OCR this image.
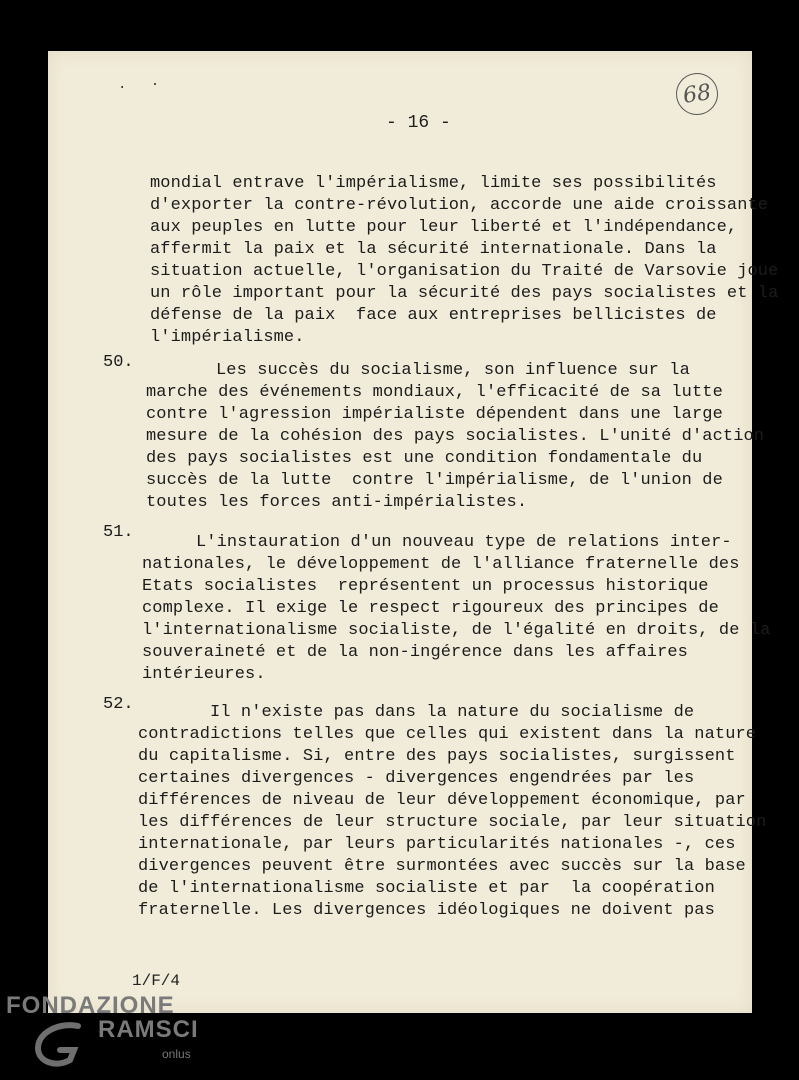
. ·	68
- 16 -
mondial entrave l'impérialisme, limite ses possibilités
d'exporter la contre-révolution, accorde une aide croissante
aux peuples en lutte pour leur liberté et l'indépendance,
affermit la paix et la sécurité internationale. Dans la
situation actuelle, l'organisation du Traité de Varsovie joue
un rôle important pour la sécurité des pays socialistes et la
défense de la paix  face aux entreprises bellicistes de
l'impérialisme.
50.	Les succès du socialisme, son influence sur la
marche des événements mondiaux, l'efficacité de sa lutte
contre l'agression impérialiste dépendent dans une large
mesure de la cohésion des pays socialistes. L'unité d'action
des pays socialistes est une condition fondamentale du
succès de la lutte  contre l'impérialisme, de l'union de
toutes les forces anti-impérialistes.
51.
L'instauration d'un nouveau type de relations inter-
nationales, le développement de l'alliance fraternelle des
Etats socialistes  représentent un processus historique
complexe. Il exige le respect rigoureux des principes de
l'internationalisme socialiste, de l'égalité en droits, de la
souveraineté et de la non-ingérence dans les affaires
intérieures.
52.	Il n'existe pas dans la nature du socialisme de
contradictions telles que celles qui existent dans la nature
du capitalisme. Si, entre des pays socialistes, surgissent
certaines divergences - divergences engendrées par les
différences de niveau de leur développement économique, par
les différences de leur structure sociale, par leur situation
internationale, par leurs particularités nationales -, ces
divergences peuvent être surmontées avec succès sur la base
de l'internationalisme socialiste et par  la coopération
fraternelle. Les divergences idéologiques ne doivent pas
1/F/4
FONDAZIONE
RAMSCI
onlus
